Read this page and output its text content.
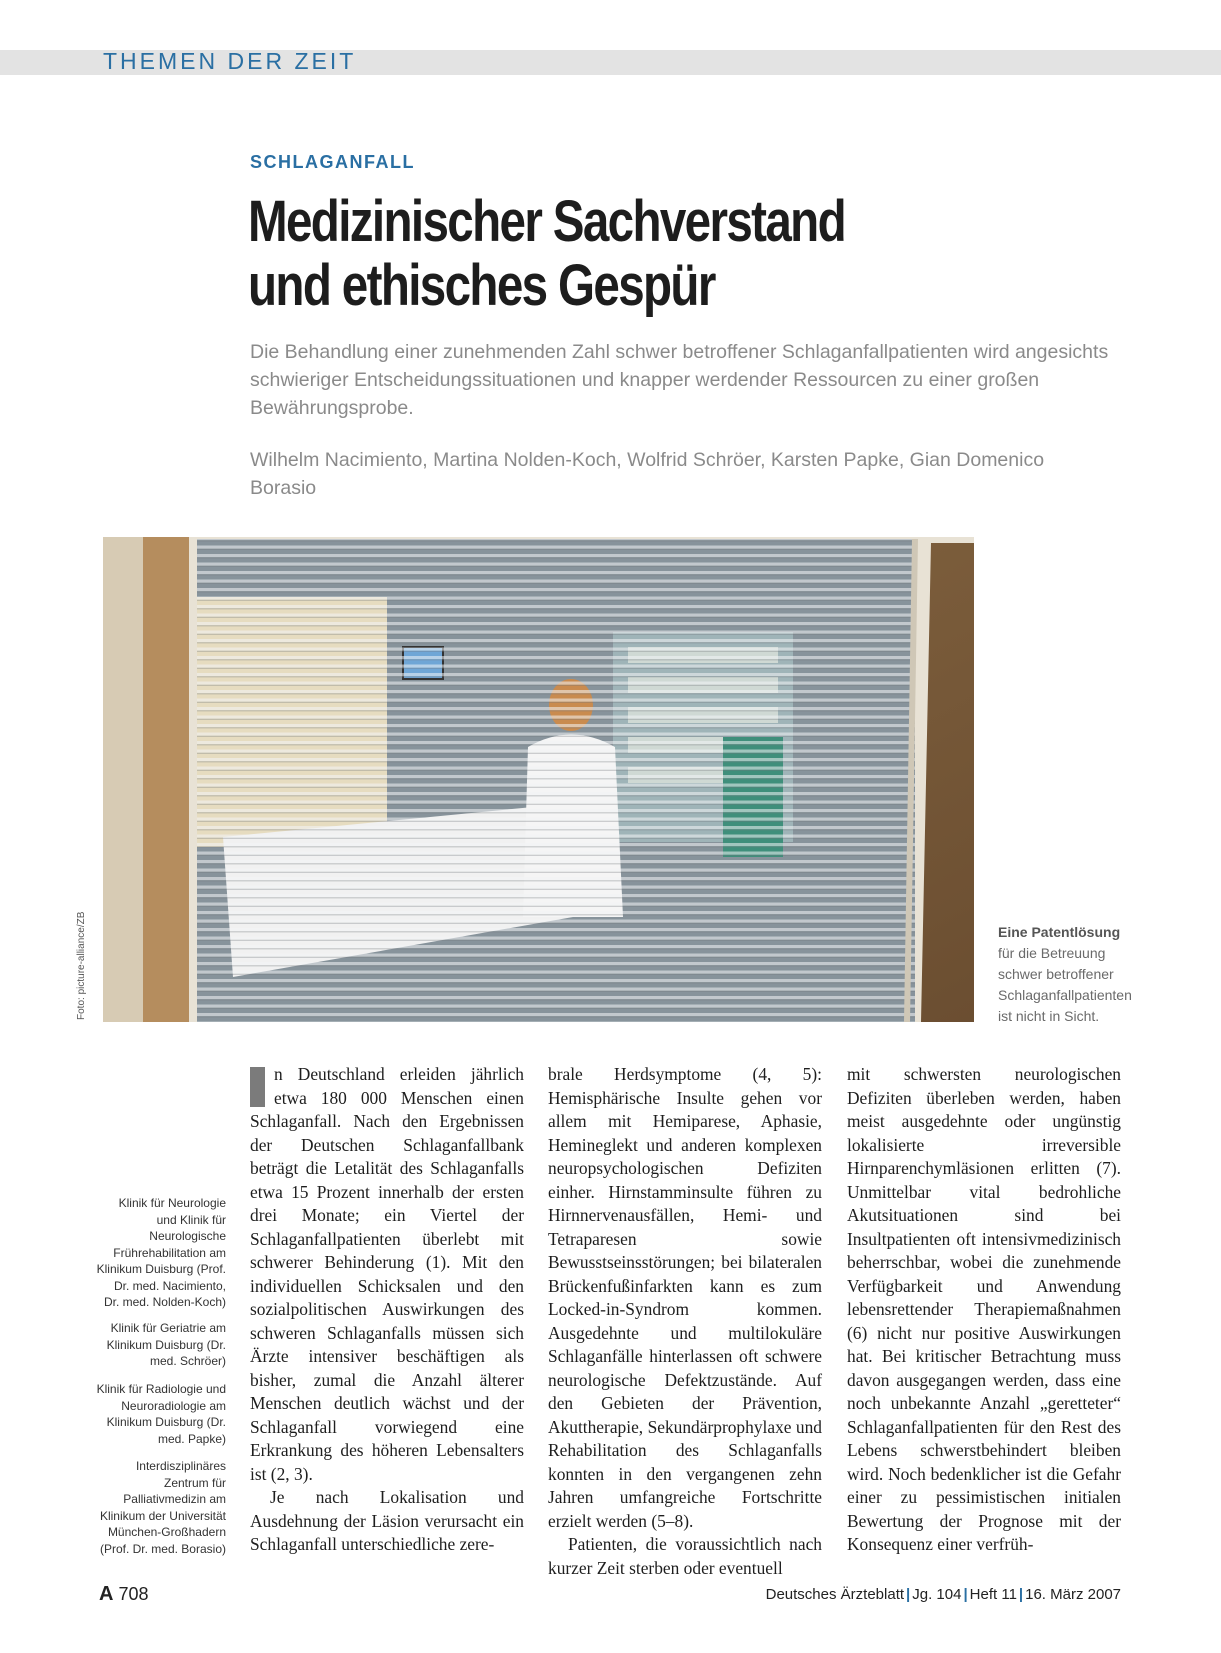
THEMEN DER ZEIT

SCHLAGANFALL

Medizinischer Sachverstand
und ethisches Gespür

Die Behandlung einer zunehmenden Zahl schwer betroffener Schlaganfallpatienten wird angesichts schwieriger Entscheidungssituationen und knapper werdender Ressourcen zu einer großen Bewährungsprobe.

Wilhelm Nacimiento, Martina Nolden-Koch, Wolfrid Schröer, Karsten Papke, Gian Domenico Borasio

Foto: picture-alliance/ZB	Eine Patentlösung
für die Betreuung schwer betroffener Schlaganfallpatienten ist nicht in Sicht.

Klinik für Neurologie und Klinik für Neurologische Frührehabilitation am Klinikum Duisburg (Prof. Dr. med. Nacimiento, Dr. med. Nolden-Koch)

Klinik für Geriatrie am Klinikum Duisburg (Dr. med. Schröer)

Klinik für Radiologie und Neuroradiologie am Klinikum Duisburg (Dr. med. Papke)

Interdisziplinäres Zentrum für Palliativmedizin am Klinikum der Universität München-Großhadern (Prof. Dr. med. Borasio)

n Deutschland erleiden jährlich etwa 180 000 Menschen einen Schlaganfall. Nach den Ergebnissen der Deutschen Schlaganfallbank beträgt die Letalität des Schlaganfalls etwa 15 Prozent innerhalb der ersten drei Monate; ein Viertel der Schlaganfallpatienten überlebt mit schwerer Behinderung (1). Mit den individuellen Schicksalen und den sozialpolitischen Auswirkungen des schweren Schlaganfalls müssen sich Ärzte intensiver beschäftigen als bisher, zumal die Anzahl älterer Menschen deutlich wächst und der Schlaganfall vorwiegend eine Erkrankung des höheren Lebensalters ist (2, 3).

Je nach Lokalisation und Ausdehnung der Läsion verursacht ein Schlaganfall unterschiedliche zere-

brale Herdsymptome (4, 5): Hemisphärische Insulte gehen vor allem mit Hemiparese, Aphasie, Hemineglekt und anderen komplexen neuropsychologischen Defiziten einher. Hirnstamminsulte führen zu Hirnnervenausfällen, Hemi- und Tetraparesen sowie Bewusstseinsstörungen; bei bilateralen Brückenfußinfarkten kann es zum Locked-in-Syndrom kommen. Ausgedehnte und multilokuläre Schlaganfälle hinterlassen oft schwere neurologische Defektzustände. Auf den Gebieten der Prävention, Akuttherapie, Sekundärprophylaxe und Rehabilitation des Schlaganfalls konnten in den vergangenen zehn Jahren umfangreiche Fortschritte erzielt werden (5–8).

Patienten, die voraussichtlich nach kurzer Zeit sterben oder eventuell

mit schwersten neurologischen Defiziten überleben werden, haben meist ausgedehnte oder ungünstig lokalisierte irreversible Hirnparenchymläsionen erlitten (7). Unmittelbar vital bedrohliche Akutsituationen sind bei Insultpatienten oft intensivmedizinisch beherrschbar, wobei die zunehmende Verfügbarkeit und Anwendung lebensrettender Therapiemaßnahmen (6) nicht nur positive Auswirkungen hat. Bei kritischer Betrachtung muss davon ausgegangen werden, dass eine noch unbekannte Anzahl „geretteter“ Schlaganfallpatienten für den Rest des Lebens schwerstbehindert bleiben wird. Noch bedenklicher ist die Gefahr einer zu pessimistischen initialen Bewertung der Prognose mit der Konsequenz einer verfrüh-

A 708	Deutsches Ärzteblatt | Jg. 104 | Heft 11 | 16. März 2007
